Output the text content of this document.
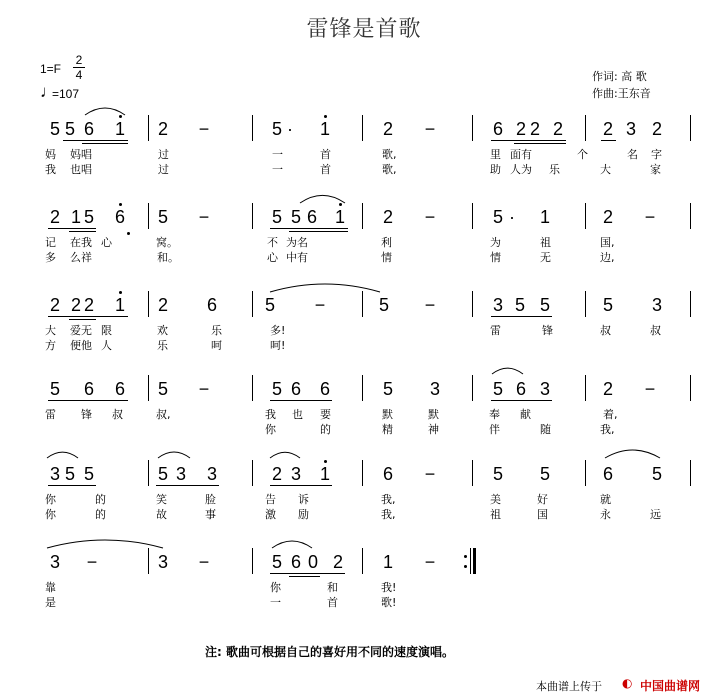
雷锋是首歌
1=F
2
4
♩
=107
作词: 高 歌
作曲:王东音
5 5 6 1 2 −	5 · 1	2 −	6 2 2 2 2 3 2
妈 妈唱	过	一	首	歌,	里 面有	个	名 字
我 也唱	过	一	首	歌,	助 人为 乐	大	家
2 1 5 6 5 −	5 5 6 1 2 −	5 · 1	2 −
记 在我 心	窝。	不 为名	利	为	祖	国,
多 么祥	和。	心 中有	情	情	无	边,
2 2 2 1 2 6	5 −	5 −	3 5 5	5 3
大 爱无 限	欢	乐	多!	雷	锋	叔	叔
方 便他 人	乐	呵	呵!
5 6 6 5 −	5 6 6	5 3	5 6 3	2 −
雷 锋 叔	叔,	我 也 要	默	默	奉 献	着,
你	的	精	神	伴	随	我,
3 5 5	5 3 3	2 3 1	6 −	5 5	6 5
你	的	笑	脸	告 诉	我,	美	好	就
你	的	故	事	激 励	我,	祖	国	永	远
3 −	3 −	5 6 0 2 1 −
靠	你	和	我!
是	一	首	歌!
注: 歌曲可根据自己的喜好用不同的速度演唱。
本曲谱上传于	中国曲谱网
◐
